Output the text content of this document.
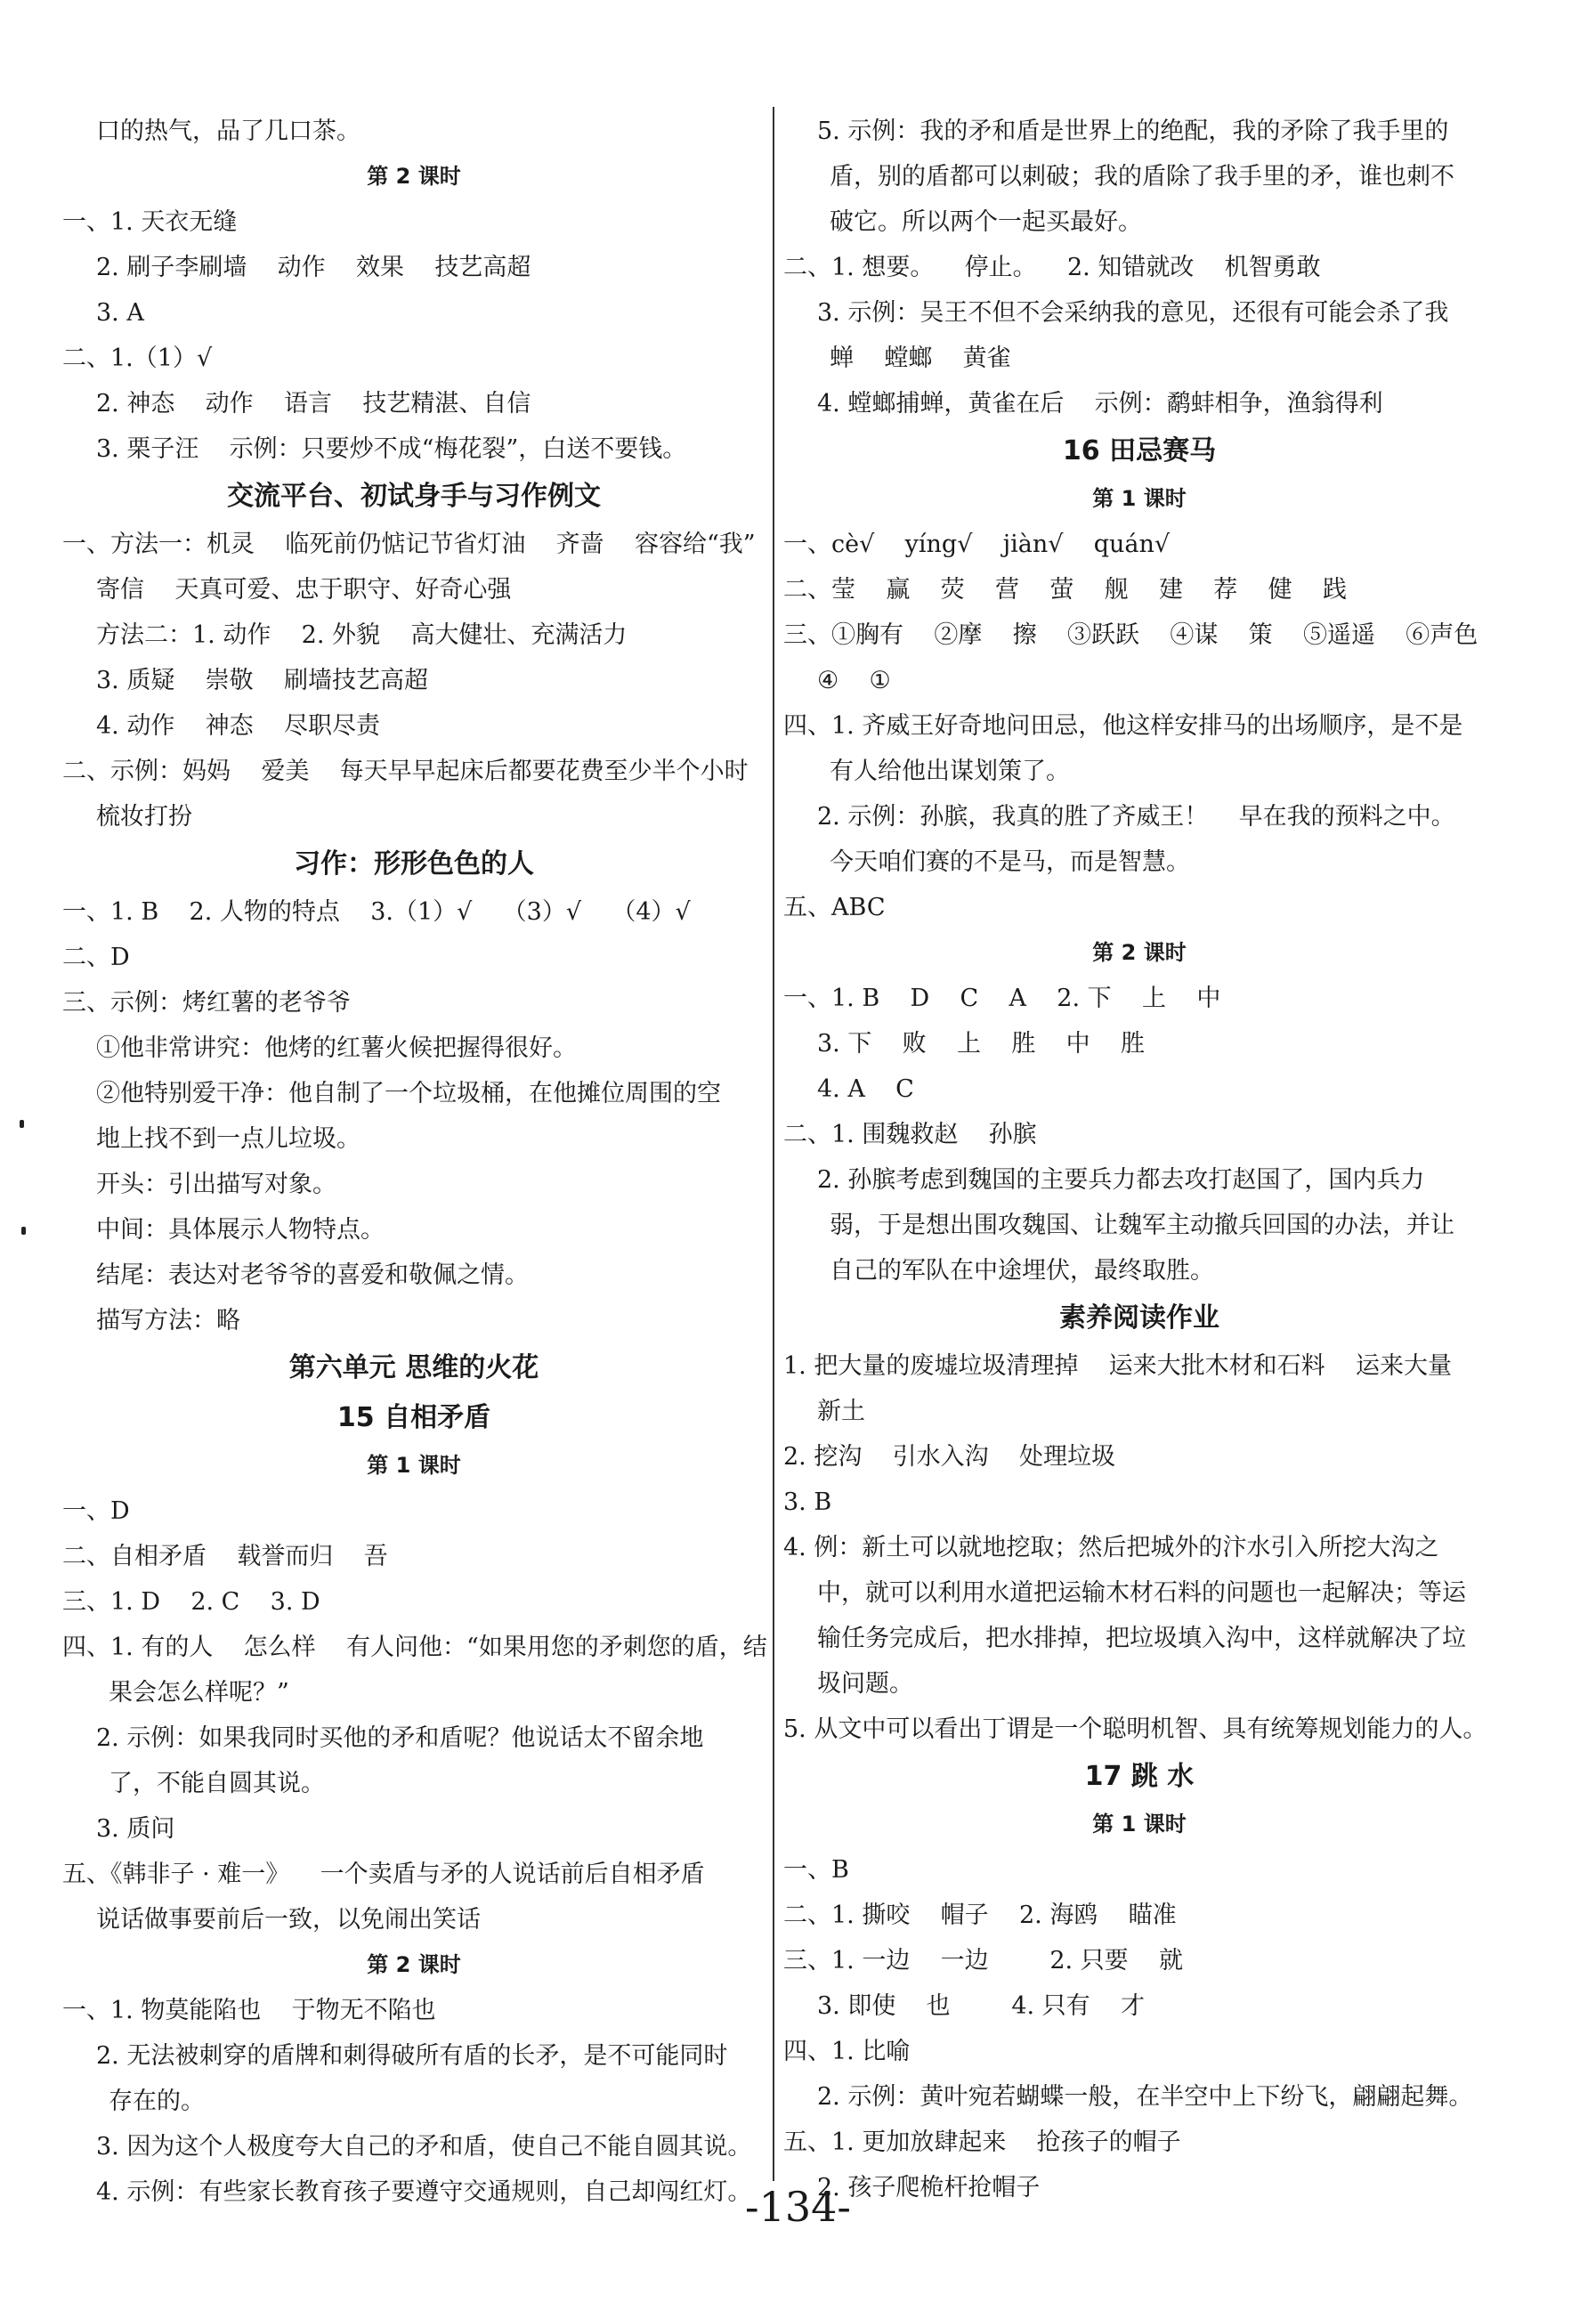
口的热气，品了几口茶。
第 2 课时
一、1. 天衣无缝
2. 刷子李刷墙    动作    效果    技艺高超
3. A
二、1.（1）√
2. 神态    动作    语言    技艺精湛、自信
3. 栗子汪    示例：只要炒不成“梅花裂”，白送不要钱。
交流平台、初试身手与习作例文
一、方法一：机灵    临死前仍惦记节省灯油    齐啬    容容给“我”
寄信    天真可爱、忠于职守、好奇心强
方法二：1. 动作    2. 外貌    高大健壮、充满活力
3. 质疑    崇敬    刷墙技艺高超
4. 动作    神态    尽职尽责
二、示例：妈妈    爱美    每天早早起床后都要花费至少半个小时
梳妆打扮
习作：形形色色的人
一、1. B    2. 人物的特点    3.（1）√    （3）√    （4）√
二、D
三、示例：烤红薯的老爷爷
①他非常讲究：他烤的红薯火候把握得很好。
②他特别爱干净：他自制了一个垃圾桶，在他摊位周围的空
地上找不到一点儿垃圾。
开头：引出描写对象。
中间：具体展示人物特点。
结尾：表达对老爷爷的喜爱和敬佩之情。
描写方法：略
第六单元 思维的火花
15 自相矛盾
第 1 课时
一、D
二、自相矛盾    载誉而归    吾
三、1. D    2. C    3. D
四、1. 有的人    怎么样    有人问他：“如果用您的矛刺您的盾，结
果会怎么样呢？”
2. 示例：如果我同时买他的矛和盾呢？他说话太不留余地
了，不能自圆其说。
3. 质问
五、《韩非子 · 难一》    一个卖盾与矛的人说话前后自相矛盾
说话做事要前后一致，以免闹出笑话
第 2 课时
一、1. 物莫能陷也    于物无不陷也
2. 无法被刺穿的盾牌和刺得破所有盾的长矛，是不可能同时
存在的。
3. 因为这个人极度夸大自己的矛和盾，使自己不能自圆其说。
4. 示例：有些家长教育孩子要遵守交通规则，自己却闯红灯。
5. 示例：我的矛和盾是世界上的绝配，我的矛除了我手里的
盾，别的盾都可以刺破；我的盾除了我手里的矛，谁也刺不
破它。所以两个一起买最好。
二、1. 想要。    停止。    2. 知错就改    机智勇敢
3. 示例：吴王不但不会采纳我的意见，还很有可能会杀了我
蝉    螳螂    黄雀
4. 螳螂捕蝉，黄雀在后    示例：鹬蚌相争，渔翁得利
16 田忌赛马
第 1 课时
一、cè√    yíng√    jiàn√    quán√
二、莹    赢    荧    营    萤    舰    建    荐    健    践
三、①胸有    ②摩    擦    ③跃跃    ④谋    策    ⑤遥遥    ⑥声色
④    ①
四、1. 齐威王好奇地问田忌，他这样安排马的出场顺序，是不是
有人给他出谋划策了。
2. 示例：孙膑，我真的胜了齐威王！    早在我的预料之中。
今天咱们赛的不是马，而是智慧。
五、ABC
第 2 课时
一、1. B    D    C    A    2. 下    上    中
3. 下    败    上    胜    中    胜
4. A    C
二、1. 围魏救赵    孙膑
2. 孙膑考虑到魏国的主要兵力都去攻打赵国了，国内兵力
弱，于是想出围攻魏国、让魏军主动撤兵回国的办法，并让
自己的军队在中途埋伏，最终取胜。
素养阅读作业
1. 把大量的废墟垃圾清理掉    运来大批木材和石料    运来大量
新土
2. 挖沟    引水入沟    处理垃圾
3. B
4. 例：新土可以就地挖取；然后把城外的汴水引入所挖大沟之
中，就可以利用水道把运输木材石料的问题也一起解决；等运
输任务完成后，把水排掉，把垃圾填入沟中，这样就解决了垃
圾问题。
5. 从文中可以看出丁谓是一个聪明机智、具有统筹规划能力的人。
17 跳 水
第 1 课时
一、B
二、1. 撕咬    帽子    2. 海鸥    瞄准
三、1. 一边    一边        2. 只要    就
3. 即使    也        4. 只有    才
四、1. 比喻
2. 示例：黄叶宛若蝴蝶一般，在半空中上下纷飞，翩翩起舞。
五、1. 更加放肆起来    抢孩子的帽子
2. 孩子爬桅杆抢帽子
-134-
